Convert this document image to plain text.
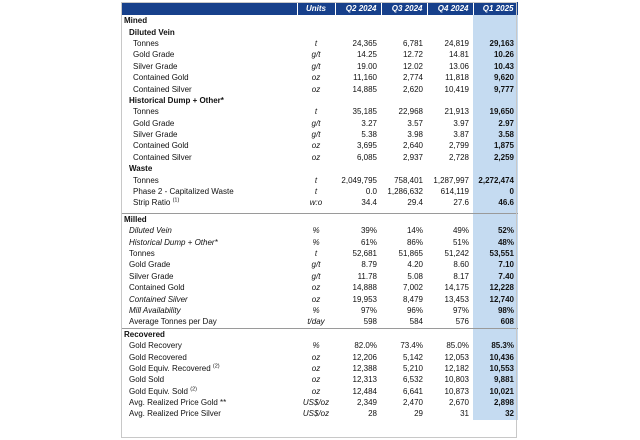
	Units	Q2 2024	Q3 2024	Q4 2024	Q1 2025
Mined					
Diluted Vein					
Tonnes	t	24,365	6,781	24,819	29,163
Gold Grade	g/t	14.25	12.72	14.81	10.26
Silver Grade	g/t	19.00	12.02	13.06	10.43
Contained Gold	oz	11,160	2,774	11,818	9,620
Contained Silver	oz	14,885	2,620	10,419	9,777
Historical Dump + Other*					
Tonnes	t	35,185	22,968	21,913	19,650
Gold Grade	g/t	3.27	3.57	3.97	2.97
Silver Grade	g/t	5.38	3.98	3.87	3.58
Contained Gold	oz	3,695	2,640	2,799	1,875
Contained Silver	oz	6,085	2,937	2,728	2,259
Waste					
Tonnes	t	2,049,795	758,401	1,287,997	2,272,474
Phase 2 - Capitalized Waste	t	0.0	1,286,632	614,119	0
Strip Ratio $^{(1)}$	w:o	34.4	29.4	27.6	46.6

Milled					
Diluted Vein	%	39%	14%	49%	52%
Historical Dump + Other*	%	61%	86%	51%	48%
Tonnes	t	52,681	51,865	51,242	53,551
Gold Grade	g/t	8.79	4.20	8.60	7.10
Silver Grade	g/t	11.78	5.08	8.17	7.40
Contained Gold	oz	14,888	7,002	14,175	12,228
Contained Silver	oz	19,953	8,479	13,453	12,740
Mill Availability	%	97%	96%	97%	98%
Average Tonnes per Day	t/day	598	584	576	608
Recovered					
Gold Recovery	%	82.0%	73.4%	85.0%	85.3%
Gold Recovered	oz	12,206	5,142	12,053	10,436
Gold Equiv. Recovered $^{(2)}$	oz	12,388	5,210	12,182	10,553
Gold Sold	oz	12,313	6,532	10,803	9,881
Gold Equiv. Sold $^{(2)}$	oz	12,484	6,641	10,873	10,021
Avg. Realized Price Gold **	US$/oz	2,349	2,470	2,670	2,898
Avg. Realized Price Silver	US$/oz	28	29	31	32
